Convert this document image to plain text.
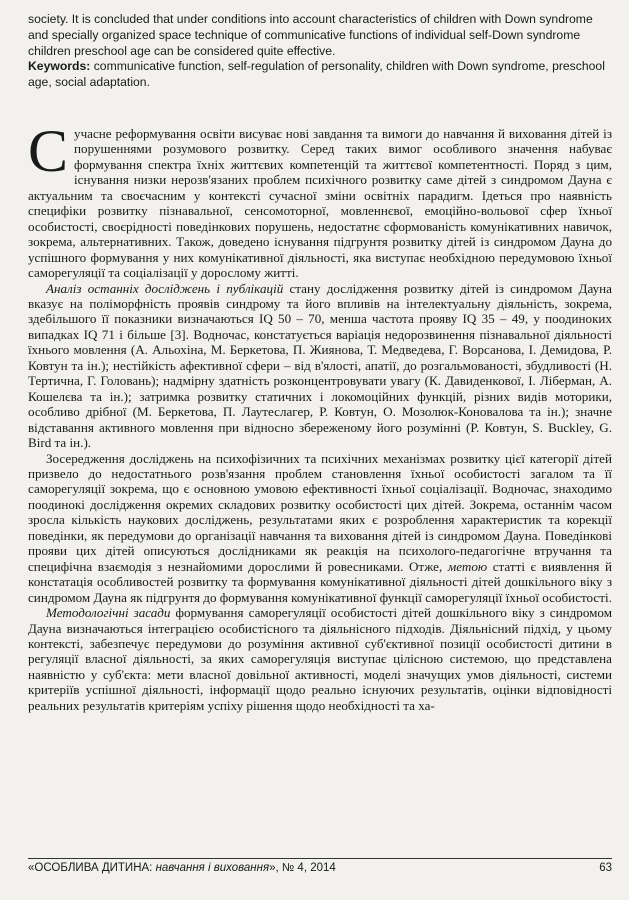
society. It is concluded that under conditions into account characteristics of children with Down syndrome and specially organized space technique of communicative functions of individual self-Down syndrome children preschool age can be considered quite effective.
Keywords: communicative function, self-regulation of personality, children with Down syndrome, preschool age, social adaptation.

Сучасне реформування освіти висуває нові завдання та вимоги до навчання й виховання дітей із порушеннями розумового розвитку. Серед таких вимог особливого значення набуває формування спектра їхніх життєвих компетенцій та життєвої компетентності. Поряд з цим, існування низки нерозв'язаних проблем психічного розвитку саме дітей з синдромом Дауна є актуальним та своєчасним у контексті сучасної зміни освітніх парадигм. Ідеться про наявність специфіки розвитку пізнавальної, сенсомоторної, мовленнєвої, емоційно-вольової сфер їхньої особистості, своєрідності поведінкових порушень, недостатнє сформованість комунікативних навичок, зокрема, альтернативних. Також, доведено існування підгрунтя розвитку дітей із синдромом Дауна до успішного формування у них комунікативної діяльності, яка виступає необхідною передумовою їхньої саморегуляції та соціалізації у дорослому житті.

Аналіз останніх досліджень і публікацій стану дослідження розвитку дітей із синдромом Дауна вказує на поліморфність проявів синдрому та його впливів на інтелектуальну діяльність, зокрема, здебільшого її показники визначаються IQ 50 – 70, менша частота прояву IQ 35 – 49, у поодиноких випадках IQ 71 і більше [3]. Водночас, констатується варіація недорозвинення пізнавальної діяльності їхнього мовлення (А. Альохіна, М. Беркетова, П. Жиянова, Т. Медведева, Г. Ворсанова, І. Демидова, Р. Ковтун та ін.); нестійкість афективної сфери – від в'ялості, апатії, до розгальмованості, збудливості (Н. Тертична, Г. Головань); надмірну здатність розконцентровувати увагу (К. Давиденкової, І. Ліберман, А. Кошелєва та ін.); затримка розвитку статичних і локомоційних функцій, різних видів моторики, особливо дрібної (М. Беркетова, П. Лаутеслагер, Р. Ковтун, О. Мозолюк-Коновалова та ін.); значне відставання активного мовлення при відносно збереженому його розумінні (Р. Ковтун, S. Buckley, G. Bird та ін.).

Зосередження досліджень на психофізичних та психічних механізмах розвитку цієї категорії дітей призвело до недостатнього розв'язання проблем становлення їхньої особистості загалом та її саморегуляції зокрема, що є основною умовою ефективності їхньої соціалізації. Водночас, знаходимо поодинокі дослідження окремих складових розвитку особистості цих дітей. Зокрема, останнім часом зросла кількість наукових досліджень, результатами яких є розроблення характеристик та корекції поведінки, як передумови до організації навчання та виховання дітей із синдромом Дауна. Поведінкові прояви цих дітей описуються дослідниками як реакція на психолого-педагогічне втручання та специфічна взаємодія з незнайомими дорослими й ровесниками. Отже, метою статті є виявлення й констатація особливостей розвитку та формування комунікативної діяльності дітей дошкільного віку з синдромом Дауна як підгрунтя до формування комунікативної функції саморегуляції їхньої особистості.

Методологічні засади формування саморегуляції особистості дітей дошкільного віку з синдромом Дауна визначаються інтеграцією особистісного та діяльнісного підходів. Діяльнісний підхід, у цьому контексті, забезпечує передумови до розуміння активної суб'єктивної позиції особистості дитини в регуляції власної діяльності, за яких саморегуляція виступає цілісною системою, що представлена наявністю у суб'єкта: мети власної довільної активності, моделі значущих умов діяльності, системи критеріїв успішної діяльності, інформації щодо реально існуючих результатів, оцінки відповідності реальних результатів критеріям успіху рішення щодо необхідності та ха-

«ОСОБЛИВА ДИТИНА: навчання і виховання», № 4, 2014	63
